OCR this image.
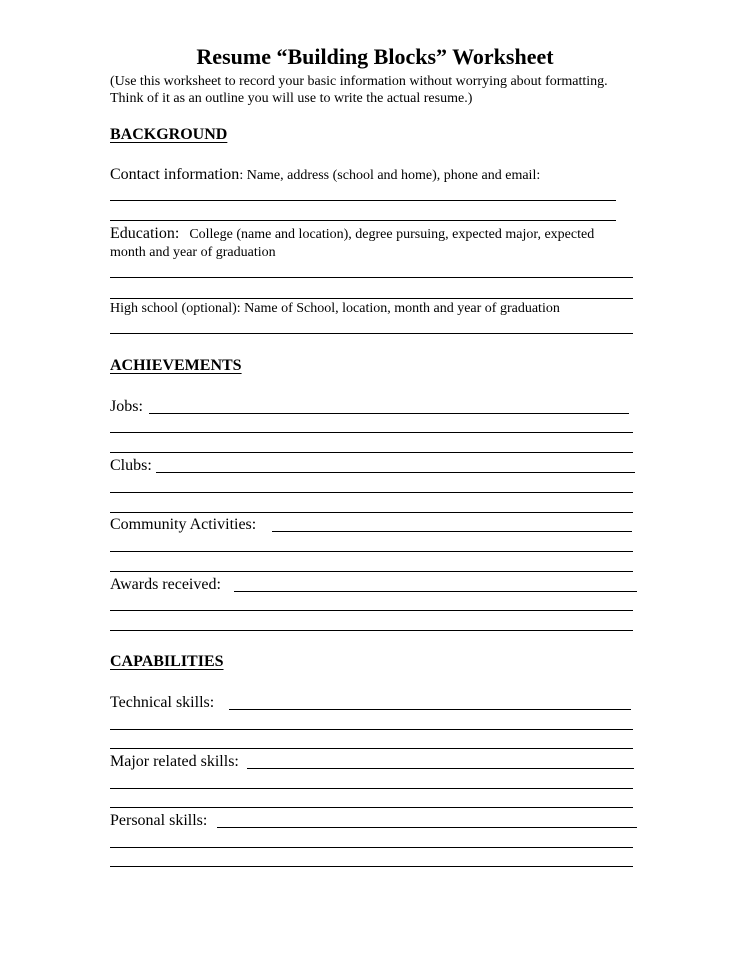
Resume “Building Blocks” Worksheet
(Use this worksheet to record your basic information without worrying about formatting.
Think of it as an outline you will use to write the actual resume.)
BACKGROUND
Contact information: Name, address (school and home), phone and email:
Education: College (name and location), degree pursuing, expected major, expected
month and year of graduation
High school (optional): Name of School, location, month and year of graduation
ACHIEVEMENTS
Jobs:
Clubs:
Community Activities:
Awards received:
CAPABILITIES
Technical skills:
Major related skills:
Personal skills:
